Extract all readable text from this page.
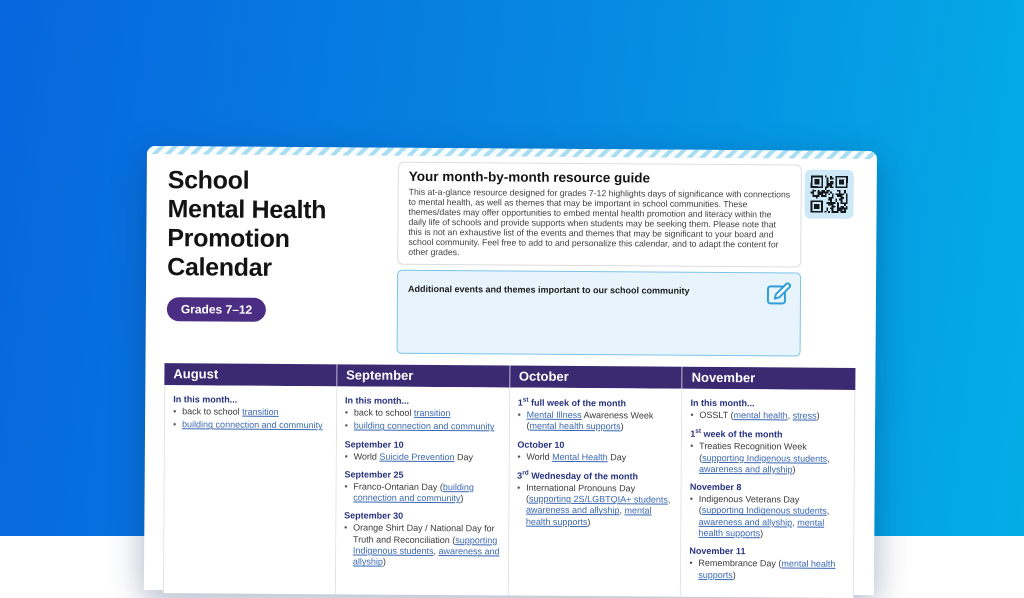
School
Mental Health
Promotion
Calendar
Grades 7–12
Your month-by-month resource guide

This at-a-glance resource designed for grades 7-12 highlights days of significance with connections to mental health, as well as themes that may be important in school communities. These themes/dates may offer opportunities to embed mental health promotion and literacy within the daily life of schools and provide supports when students may be seeking them. Please note that this is not an exhaustive list of the events and themes that may be significant to your board and school community. Feel free to add to and personalize this calendar, and to adapt the content for other grades.

Additional events and themes important to our school community
August
In this month...
• back to school transition
• building connection and community
September
In this month...
• back to school transition
• building connection and community
September 10
• World Suicide Prevention Day
September 25
• Franco-Ontarian Day (building connection and community)
September 30
• Orange Shirt Day / National Day for Truth and Reconciliation (supporting Indigenous students, awareness and allyship)
October
1st full week of the month
• Mental Illness Awareness Week (mental health supports)
October 10
• World Mental Health Day
3rd Wednesday of the month
• International Pronouns Day (supporting 2S/LGBTQIA+ students, awareness and allyship, mental health supports)
November
In this month...
• OSSLT (mental health, stress)
1st week of the month
• Treaties Recognition Week (supporting Indigenous students, awareness and allyship)
November 8
• Indigenous Veterans Day (supporting Indigenous students, awareness and allyship, mental health supports)
November 11
• Remembrance Day (mental health supports)
